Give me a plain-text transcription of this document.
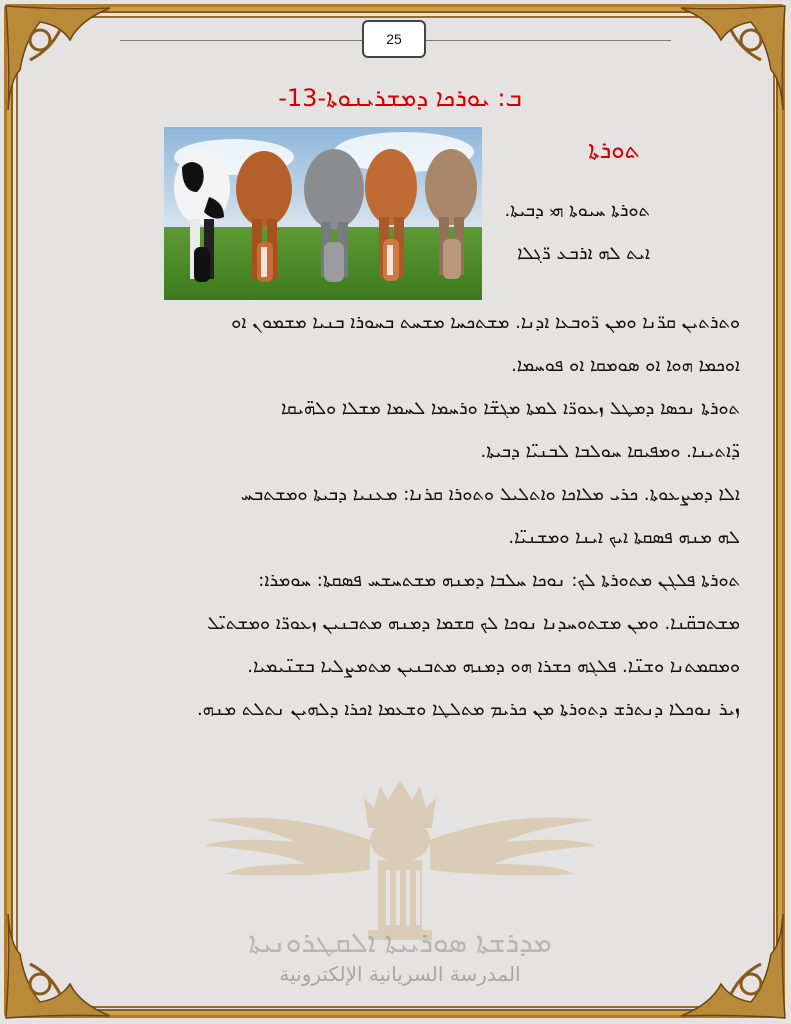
25
ܒ: ܝܘܪܟܐ ܕܡܫܪܝܢܘܬܐ-13-
ܬܘܪܬܐ
ܬܘܪܬܐ ܚܝܘܬܐ ܗܝ ܕܒܝܬܐ.
ܐܝܬ ܠܗ ܐܪܒܥ ܪ̈ܓܠܐ
ܘܬܪܬܝܢ ܩܪ̈ܢܐ ܘܡܢ ܪ̈ܘܒܥܐ ܐܕܢܐ. ܡܫܬܟܚܐ ܡܫܚܬ ܒܚܘܪܐ ܒܢܝܐ ܡܫܡܘܢ ܐܘ
ܐܘܟܡܐ ܗܘܐ ܐܘ ܣܘܡܩܐ ܐܘ ܦܘܚܡܐ.
ܬܘܪܬܐ ܢܟܣܐ ܕܡܛܠ ܙܥܘܪ̈ܐ ܠܡܬܐ ܡܓܫ̈ܐ ܘܪܚܡܐ ܠܚܡܐ ܡܫܠܐ ܘܠܗ̈ܝܩܐ
ܕ̈ܐܬܝܢܐ. ܘܡܦܝܩܐ ܚܘܠܒܐ ܠܒܢܝ̈ܐ ܕܒܝܬܐ.
ܐܠܐ ܕܡܨܥܘܬܐ. ܟܪܝ ܡܠܐܟܐ ܘܐܬܠܝܠ ܘܬܘܪܐ ܩܪܢܐ: ܡܥܢܝܐ ܕܒܝܬܐ ܘܡܫܬܒܚ
ܠܗ ܡܢܗ ܦܣܩܬܐ ܐܝܟ ܐܝܢܐ ܘܡܫܢܝ̈ܐ.
ܬܘܪܬܐ ܦܠܓܢ ܡܬܘܪܬܐ ܠܟ: ܢܘܟܐ ܚܠܒܐ ܕܡܢܗ ܡܫܬܚܫܚ ܦܣܩܬܐ: ܚܘܡܪܐ:
ܡܫܬܒܩ̈ܢܐ. ܘܡܢ ܡܫܬܘܚܕܢܐ ܢܘܟܐ ܠܟ ܩܫܡܐ ܕܡܢܗ ܡܬܒܢܝܢ ܙܥܘܪ̈ܐ ܘܡܫܬܝ̈ܠ
ܘܡܩܡܬܢܐ ܘܫܢ̈ܐ. ܦܠܓܗ ܟܫܪܐ ܗܘ ܕܡܢܗ ܡܬܒܢܝܢ ܡܬܡܨܠܝܐ ܒܫܢ̈ܝܡܝܐ.
ܙܝܪ ܢܘܟܠܐ ܕܢܬܪܫ ܕܬܘܪܬܐ ܡܢ ܟܪܝܡ ܡܬܠܛܐ ܘܫܥܡܐ ܐܟܪܐ ܕܠܗܝܢ ܢܬܠܬ ܡܢܗ.
ܡܕܪܫܬܐ ܣܘܪܝܝܬܐ ܐܠܩܛܪܘܢܝܬܐ
المدرسة السريانية الإلكترونية
